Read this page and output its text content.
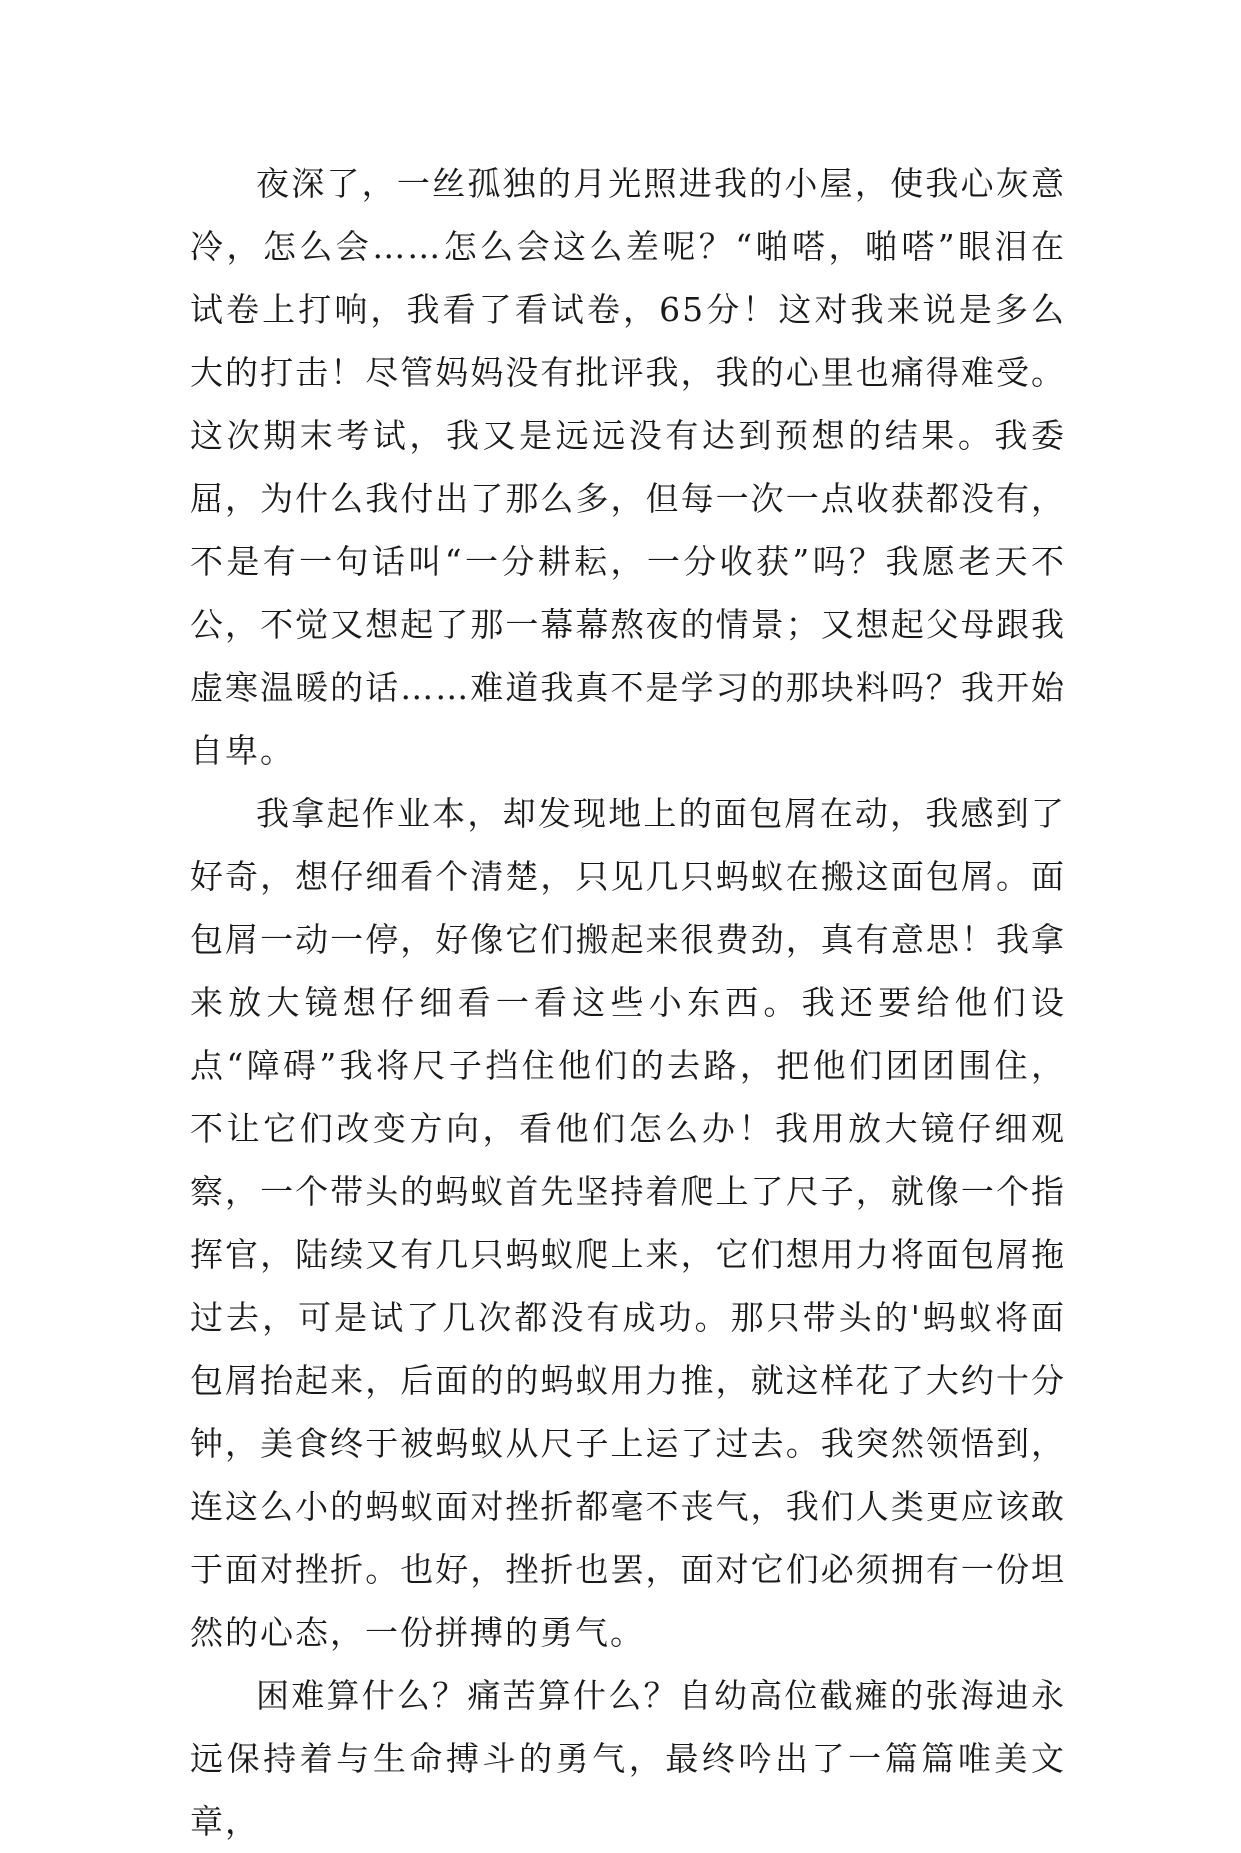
夜深了，一丝孤独的月光照进我的小屋，使我心灰意冷，怎么会……怎么会这么差呢？“啪嗒，啪嗒”眼泪在试卷上打响，我看了看试卷，65分！这对我来说是多么大的打击！尽管妈妈没有批评我，我的心里也痛得难受。这次期末考试，我又是远远没有达到预想的结果。我委屈，为什么我付出了那么多，但每一次一点收获都没有，不是有一句话叫“一分耕耘，一分收获”吗？我愿老天不公，不觉又想起了那一幕幕熬夜的情景；又想起父母跟我虚寒温暖的话……难道我真不是学习的那块料吗？我开始自卑。

我拿起作业本，却发现地上的面包屑在动，我感到了好奇，想仔细看个清楚，只见几只蚂蚁在搬这面包屑。面包屑一动一停，好像它们搬起来很费劲，真有意思！我拿来放大镜想仔细看一看这些小东西。我还要给他们设点“障碍”我将尺子挡住他们的去路，把他们团团围住，不让它们改变方向，看他们怎么办！我用放大镜仔细观察，一个带头的蚂蚁首先坚持着爬上了尺子，就像一个指挥官，陆续又有几只蚂蚁爬上来，它们想用力将面包屑拖过去，可是试了几次都没有成功。那只带头的'蚂蚁将面包屑抬起来，后面的的蚂蚁用力推，就这样花了大约十分钟，美食终于被蚂蚁从尺子上运了过去。我突然领悟到，连这么小的蚂蚁面对挫折都毫不丧气，我们人类更应该敢于面对挫折。也好，挫折也罢，面对它们必须拥有一份坦然的心态，一份拼搏的勇气。

困难算什么？痛苦算什么？自幼高位截瘫的张海迪永远保持着与生命搏斗的勇气，最终吟出了一篇篇唯美文章，
